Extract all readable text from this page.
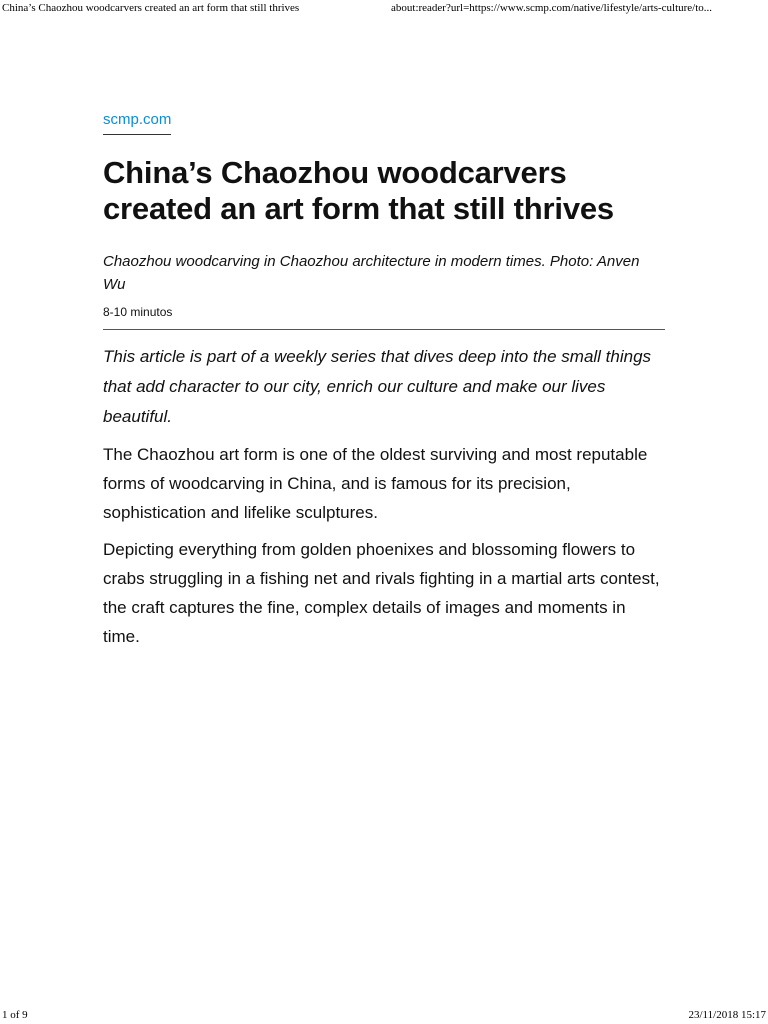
China’s Chaozhou woodcarvers created an art form that still thrives	about:reader?url=https://www.scmp.com/native/lifestyle/arts-culture/to...
scmp.com
China’s Chaozhou woodcarvers created an art form that still thrives

Chaozhou woodcarving in Chaozhou architecture in modern times. Photo: Anven Wu

8-10 minutos

This article is part of a weekly series that dives deep into the small things that add character to our city, enrich our culture and make our lives beautiful.

The Chaozhou art form is one of the oldest surviving and most reputable forms of woodcarving in China, and is famous for its precision, sophistication and lifelike sculptures.

Depicting everything from golden phoenixes and blossoming flowers to crabs struggling in a fishing net and rivals fighting in a martial arts contest, the craft captures the fine, complex details of images and moments in time.

1 of 9	23/11/2018 15:17
